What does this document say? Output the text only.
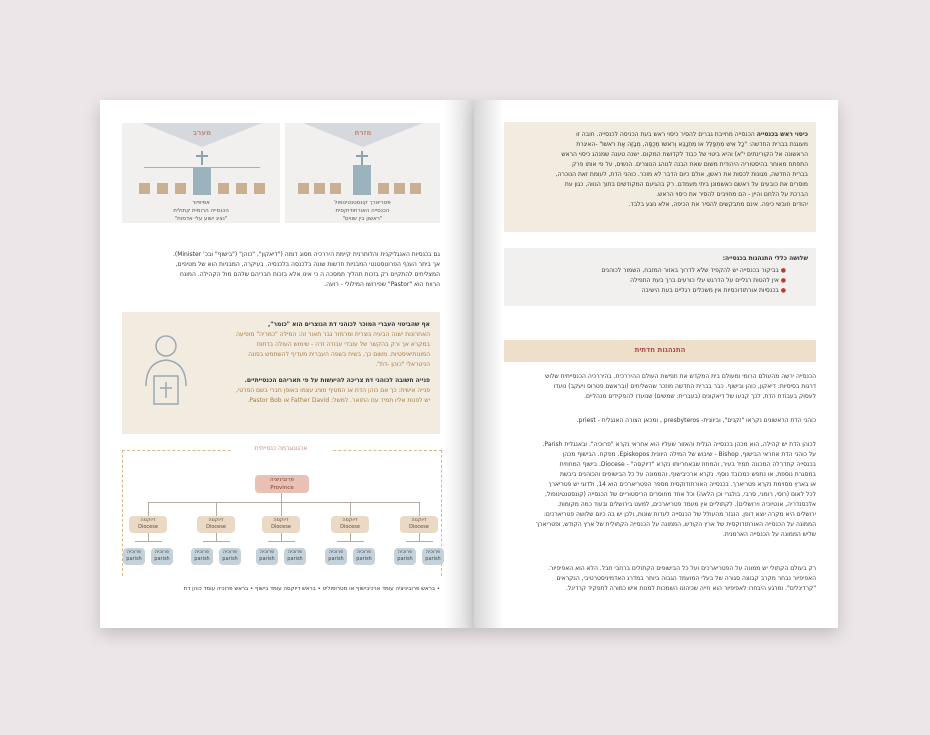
מזרח
פטריארך קונסטנטינופול
הכנסייה האורתודוקסית
"ראשון בין שווים"
מערב
אפיפיור
הכנסייה הרומית קתולית
"נציג ישוע עלי אדמות"
גם בכנסיות האנגליקנית והלותרנית קיימת היררכיה מסוג דומה ("דיאקון", "כוהן" ("בישוף" ובכ' Minister).
אך ביתר הענף הפרוטסטנטי המבניות חדשות שונה בלכנסה בלכנסיה. בעיקרה, המבניות הוא של מטיפים,
המצליחים להתקיים רק בזכות תהליך תמסכה ה כי אינו אלא בזכות חבריהם שלהם מול הקהילה. המונח
הרווח הוא "Pastor" שפירושו המילולי - רועה.
אף שהביטוי העברי המוכר לכוהני דת הנוצרים הוא "כומר",
האחרונות ישנה הבעיה נוצרית ומרמזר גבר תאור זה: המילה "כמריה" מופיעה
במקרא אך ורק בהקשר של עובדי עבודה זרה - שימוש העולה בדתות
המונותיאיסטיות. משום כך, בשיח בשפה העברית מעדיף להשתמש בפונה
הניטראלי "כוהן -דת".
פנייה חשובה לכוהני דת צריכה להיעשות על פי תאריהם הכנסייתיים.
פנייה אישית: כך אם כוהן הדת או המטיף מציג עצמו באופן חברי בשם הפרטי,
יש לפנות אליו תמיד עם התואר. למשל: Father David או Pastor Bob.
ארגונוגרמה כנסייתית
פרוביניציה
Province
• בראש פרוביניציה עומד ארכיבישוף או מטרופוליט • בראש דיוקסה עומד בישוף • בראש פרוכיה עומד כוהן דת
דיוקסה
Diocese
פרוכיה
parish
פרוכיה
parish
דיוקסה
Diocese
פרוכיה
parish
פרוכיה
parish
דיוקסה
Diocese
פרוכיה
parish
פרוכיה
parish
דיוקסה
Diocese
פרוכיה
parish
פרוכיה
parish
דיוקסה
Diocese
פרוכיה
parish
פרוכיה
parish
כיסוי ראש בכנסייה הכנסייה מחייבת גברים להסיר כיסוי ראש בעת הכניסה לכנסייה. חובה זו
מעוגנת בברית החדשה: "כָל אִישׁ מִתְפַּלֵּל אוֹ מִתְנַבֵּא וְרֹאשׁוֹ מְכֻסֶּה, מְבַזֶּה אֶת רֹאשׁוֹ" -האיגרת
הראשונה אל הקורינתים י"א) והיא ביטוי של כבוד לקדושת המקום. ישנה טענה שמנהג כיסוי הראש
התפתח מאוחר בהיסטוריה היהודית משום שאת הבנה לנוהג הנוצרים. הנשים, על פי אותו פרק
בברית החדשה, מגונות לכסות את ראשן, אולם כיום הדבר לא מוכר. כוהני הדת, לעומת זאת הנוכרה,
מוסרים את כובעים על ראשם כאשמונן ביתי מעמדם. רק בהגיעם המקודשים בתוך הנווה, כגון עת
הברכת על הלחם והיין - הם מחויבים להסיר את כיסוי הראש.
יהודים חובשי כיפה. אינם מתבקשים להסיר את הכיפה, אלא נוגע בלבד.
שלושה כללי התנהגות בכנסייה:
● בביקור בכנסייה יש להקפיד שלא לדרוך באזור המזבח, השמור לכוהנים
● אין להטות רגליים על הדרגש עלי כורעים ברך בעת התפילה
● בכנסיות אורתודוכסיות אין משכלים רגליים בעת הישיבה
התנהגות חדתית
הכנסייה ירשה מהעולם הרומי ומעולם בית המקדש את תפישת העולם ההיררכית. בהיררכיה הכנסייתית שלוש
דרגות בסיסיות: דיאקון, כוהן ובישוף. כבר בברית החדשה מוזכר שהשליחים (ובראשם פטרוס ויעקב) נועדו
לעסוק בעבודת הדת, לכך קבעו של דיאקונים (בעברית: שמשים) שנועדו להפקידים מנהליים.
כוהני הדת הראשונים נקראו "זקנים", וביוונית- presbyteros , ומכאן הצורה האנגלית - priest.
לכוהן הדת יש קהילה, הוא מכהן בכנסייה הגלית והאזור שעליו הוא אחראי נקרא "פרוכיה". ובאנגלית Parish.
על כוהני הדת אחראי הבישוף, Bishop - שיבוש של המילה היוונית Episkopos. מפקח. הבישוף מכהן
בכנסייה קתדרלה המכונה תמיד בעיר, והמחוז שבאחריותו נקרא "דיוקסה" - Diocese. בישוף המחוזית
במסגרת נוספת, או נתפש כמכובד נוסף. נקרא ארכיבישוף, והממונה על כל הבישופים והכוהנים ביבשת
או בארץ מסוימת נקרא פטריארך. בכנסייה האורתודוקסית מספר הפטריארכים הוא 14, ולדוגי יש פטריארך
לכל לאום (רוסי, רומני, סרבי, בולגרי וכן הלאה) וכל אחד מחוסרים הריסטוריים של הכנסייה (קונסטנטינופול,
אלכסנדריה, אנטיוכיה וירושלים). לקתוליים אין מעמד פטריארכים, למעט בירושלים ובעוד כמה מקומות.
ירושלים היא מקרה יוצא דופן. הנגזר מהעולל של הכנסייה לעדות שונות, ולכן יש בה כיום שלושה פטריארכים:
הממונה על הכנסייה האורתודוקסית של ארץ הקודש, הממונה על הכנסייה הקתולית של ארץ הקודש, ופטריארך
שליש הממונה על הכנסייה הארמנית.
רק בעולם הקתולי יש ממונה על הפטריארכים ועל כל הבישופים הקתולים ברחבי תבל. הלא הוא האפיפיור.
האפיפיור נבחר מקרב קבוצה סגורה של בעלי המועמד הגבוה ביותר במדרג האדמיניסטרטיבי, הנקראים
"קרדינלים". ומרגע היבחרו לאפיפיור הוא חייה שכיהונו השמכות למנות אישׁ כמורה לתפקיד קרדינל.
